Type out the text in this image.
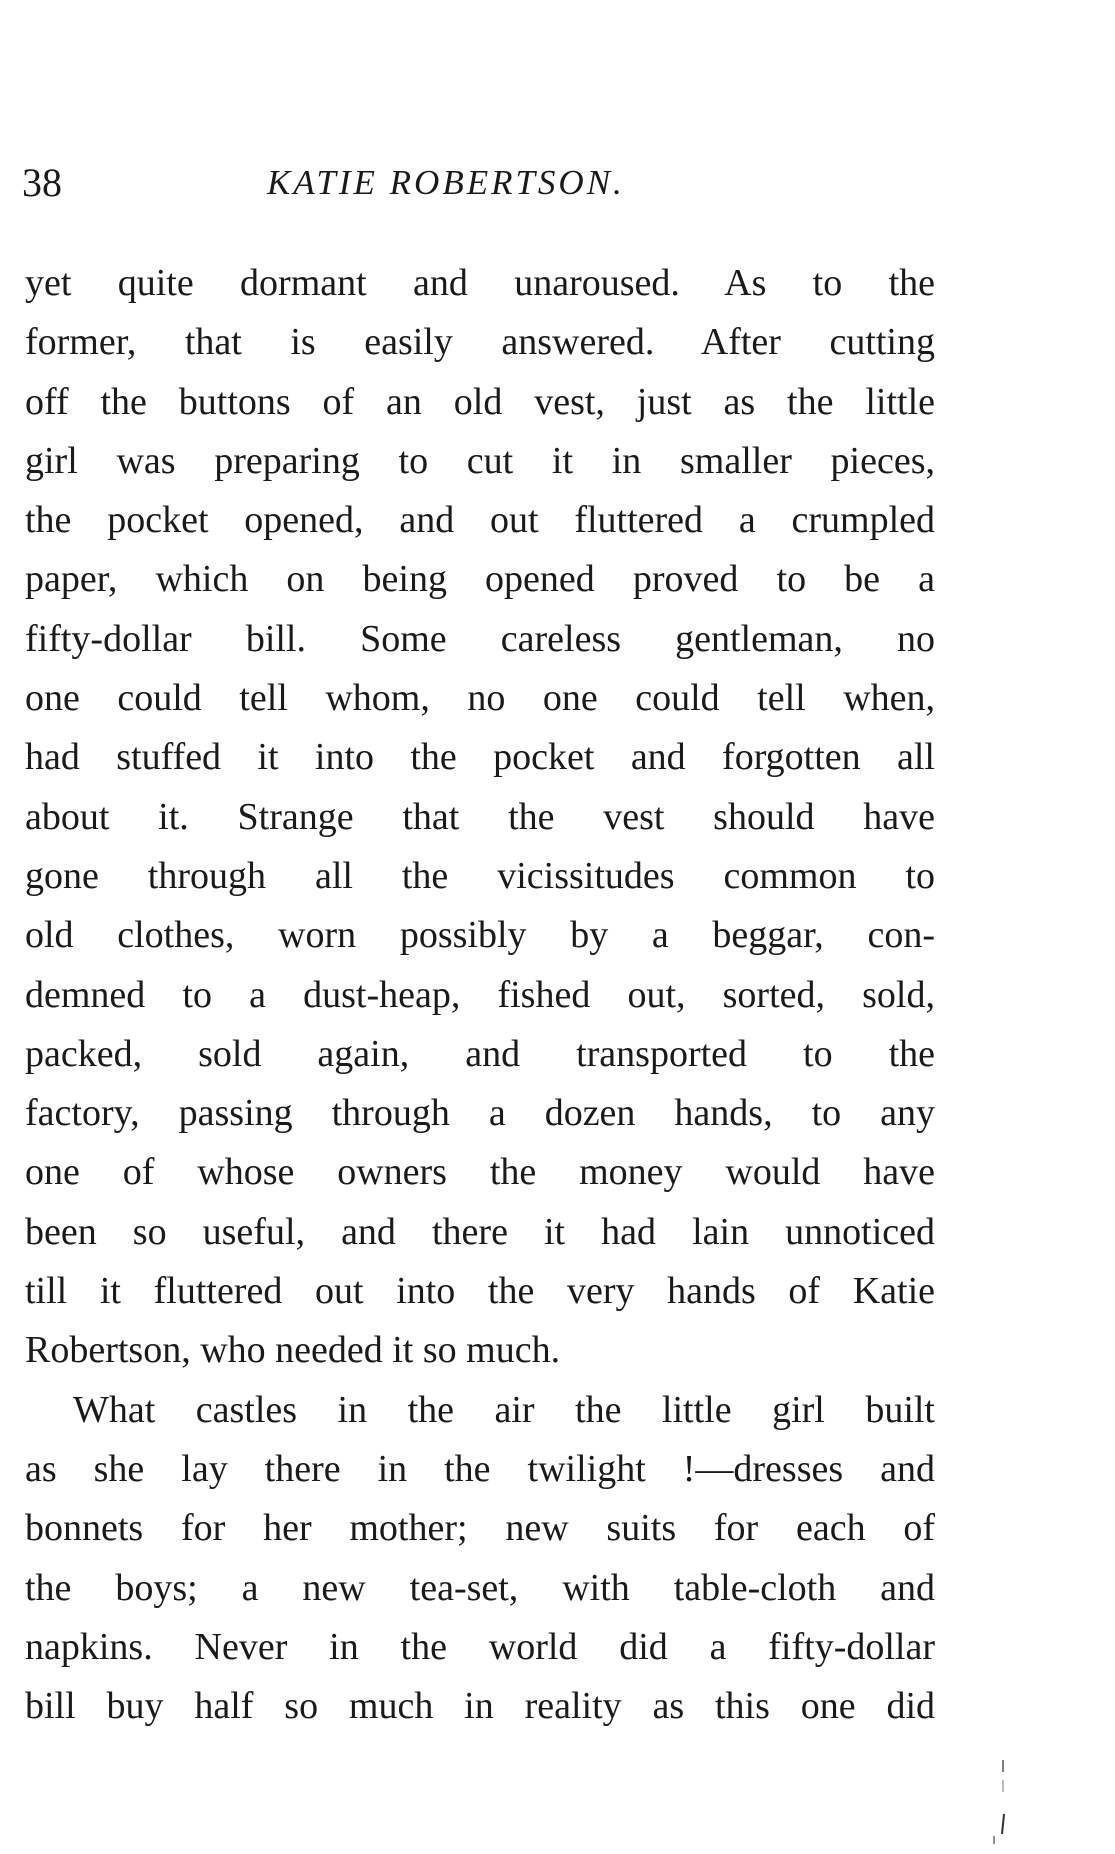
38	KATIE ROBERTSON.

yet quite dormant and unaroused. As to the
former, that is easily answered. After cutting
off the buttons of an old vest, just as the little
girl was preparing to cut it in smaller pieces,
the pocket opened, and out fluttered a crumpled
paper, which on being opened proved to be a
fifty-dollar bill. Some careless gentleman, no
one could tell whom, no one could tell when,
had stuffed it into the pocket and forgotten all
about it. Strange that the vest should have
gone through all the vicissitudes common to
old clothes, worn possibly by a beggar, con-
demned to a dust-heap, fished out, sorted, sold,
packed, sold again, and transported to the
factory, passing through a dozen hands, to any
one of whose owners the money would have
been so useful, and there it had lain unnoticed
till it fluttered out into the very hands of Katie
Robertson, who needed it so much.

What castles in the air the little girl built
as she lay there in the twilight !—dresses and
bonnets for her mother; new suits for each of
the boys; a new tea-set, with table-cloth and
napkins. Never in the world did a fifty-dollar
bill buy half so much in reality as this one did
